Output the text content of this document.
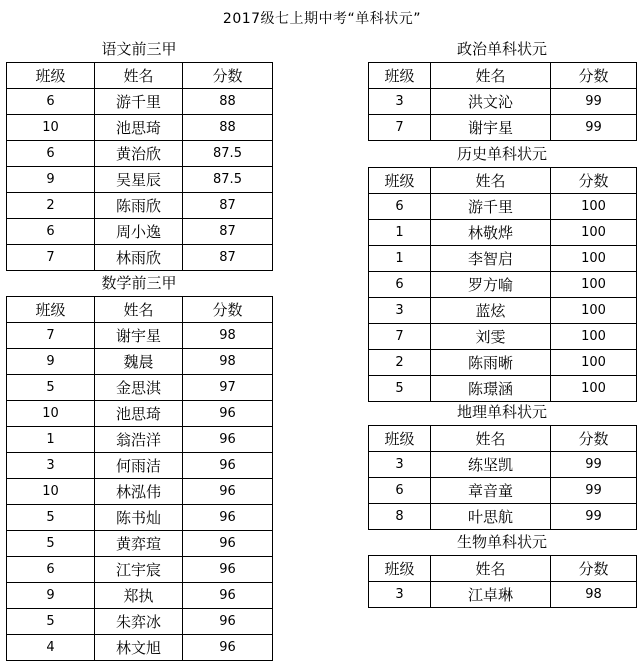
2017级七上期中考“单科状元”
语文前三甲
班级	姓名	分数
6	游千里	88
10	池思琦	88
6	黄治欣	87.5
9	吴星辰	87.5
2	陈雨欣	87
6	周小逸	87
7	林雨欣	87
数学前三甲
班级	姓名	分数
7	谢宇星	98
9	魏晨	98
5	金思淇	97
10	池思琦	96
1	翁浩洋	96
3	何雨洁	96
10	林泓伟	96
5	陈书灿	96
5	黄弈瑄	96
6	江宇宸	96
9	郑执	96
5	朱弈冰	96
4	林文旭	96
政治单科状元
班级	姓名	分数
3	洪文沁	99
7	谢宇星	99
历史单科状元
班级	姓名	分数
6	游千里	100
1	林敬烨	100
1	李智启	100
6	罗方喻	100
3	蓝炫	100
7	刘雯	100
2	陈雨晰	100
5	陈璟涵	100
地理单科状元
班级	姓名	分数
3	练坚凯	99
6	章音童	99
8	叶思航	99
生物单科状元
班级	姓名	分数
3	江卓琳	98
